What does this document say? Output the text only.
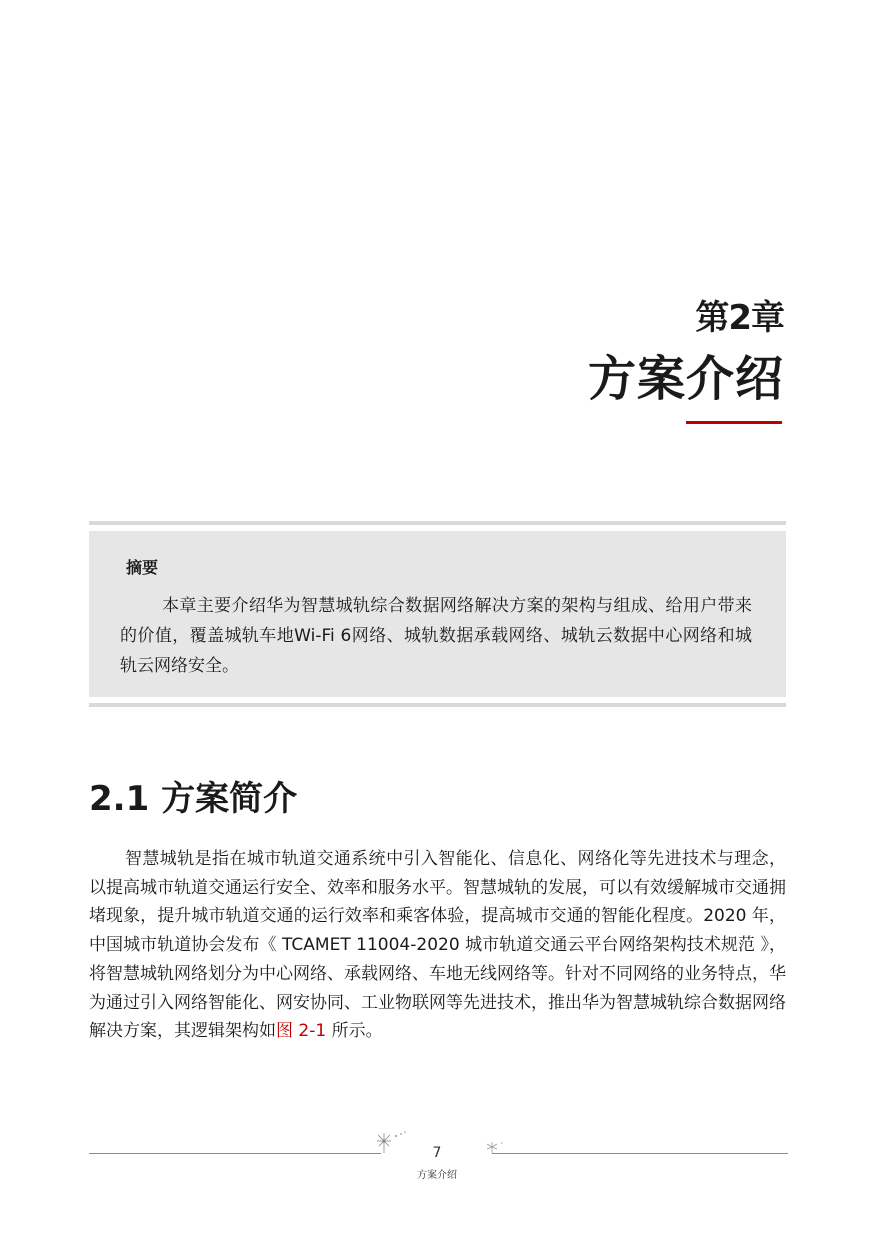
第2章
方案介绍
摘要
本章主要介绍华为智慧城轨综合数据网络解决方案的架构与组成、给用户带来的价值，覆盖城轨车地Wi-Fi 6网络、城轨数据承载网络、城轨云数据中心网络和城轨云网络安全。
2.1 方案简介
智慧城轨是指在城市轨道交通系统中引入智能化、信息化、网络化等先进技术与理念，以提高城市轨道交通运行安全、效率和服务水平。智慧城轨的发展，可以有效缓解城市交通拥堵现象，提升城市轨道交通的运行效率和乘客体验，提高城市交通的智能化程度。2020 年，中国城市轨道协会发布《 TCAMET 11004-2020 城市轨道交通云平台网络架构技术规范 》，将智慧城轨网络划分为中心网络、承载网络、车地无线网络等。针对不同网络的业务特点，华为通过引入网络智能化、网安协同、工业物联网等先进技术，推出华为智慧城轨综合数据网络解决方案，其逻辑架构如图 2-1 所示。
7
方案介绍
